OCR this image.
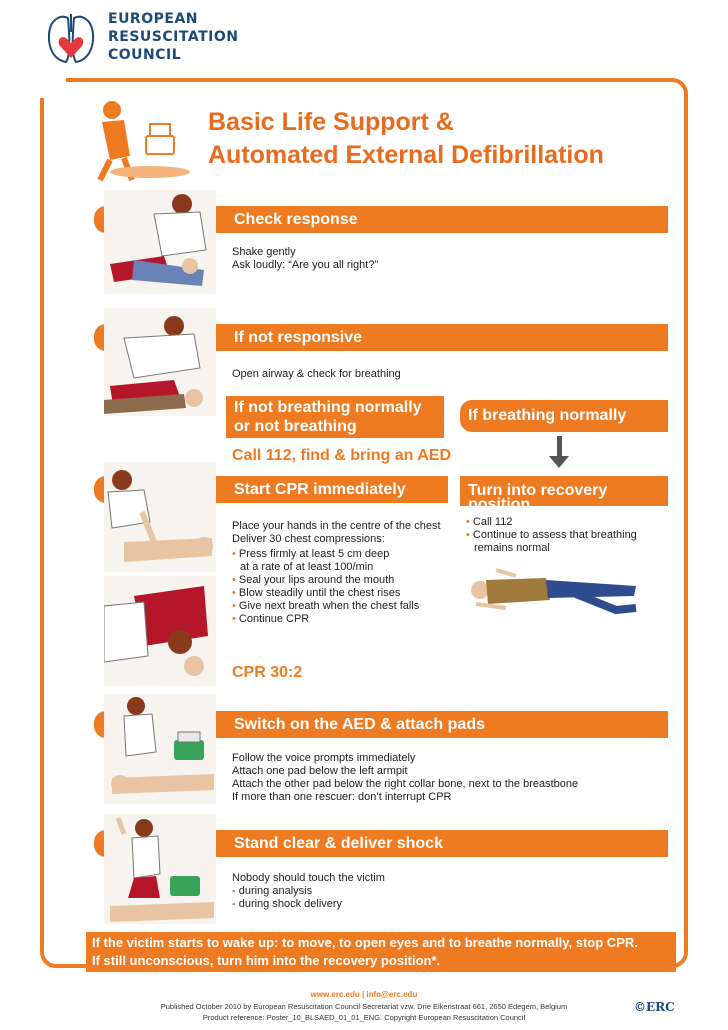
EUROPEAN
RESUSCITATION
COUNCIL
Basic Life Support &
Automated External Defibrillation
Check response
Shake gently
Ask loudly: “Are you all right?”
If not responsive
Open airway & check for breathing
If not breathing normally
or not breathing
If breathing normally
Call 112, find & bring an AED
Start CPR immediately
*
Turn into recovery position
Place your hands in the centre of the chest
Deliver 30 chest compressions:
• Press firmly at least 5 cm deep
at a rate of at least 100/min
• Seal your lips around the mouth
• Blow steadily until the chest rises
• Give next breath when the chest falls
• Continue CPR
• Call 112
• Continue to assess that breathing
remains normal
CPR 30:2
Switch on the AED & attach pads
Follow the voice prompts immediately
Attach one pad below the left armpit
Attach the other pad below the right collar bone, next to the breastbone
If more than one rescuer: don’t interrupt CPR
Stand clear & deliver shock
Nobody should touch the victim
- during analysis
- during shock delivery
If the victim starts to wake up: to move, to open eyes and to breathe normally, stop CPR.
If still unconscious, turn him into the recovery position*.
www.erc.edu | info@erc.edu
Published October 2010 by European Resuscitation Council Secretariat vzw, Drie Eikenstraat 661, 2650 Edegem, Belgium
Product reference: Poster_10_BLSAED_01_01_ENG. Copyright European Resuscitation Council
©ERC
